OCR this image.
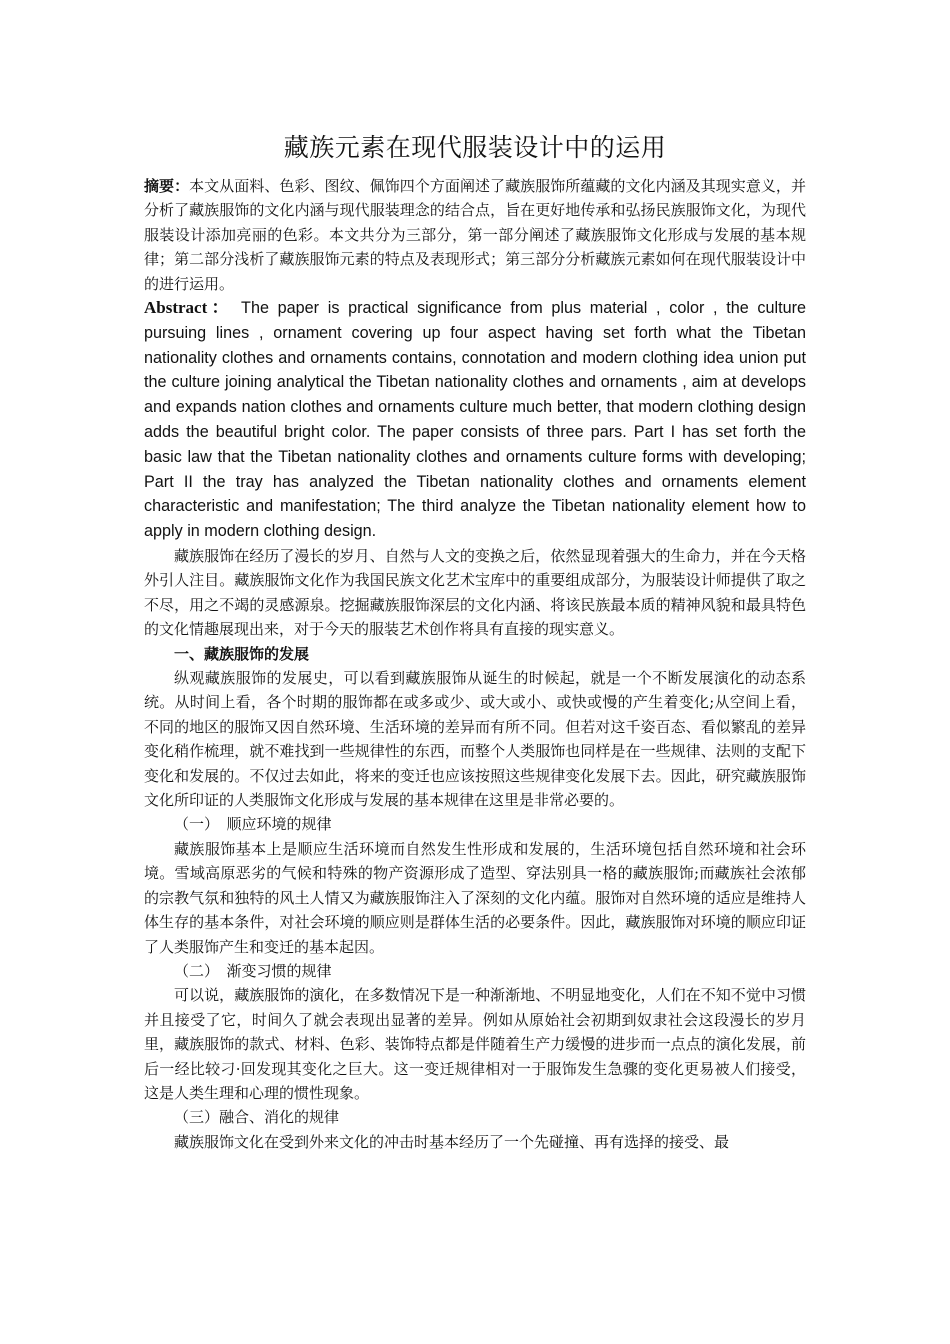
藏族元素在现代服装设计中的运用

摘要：本文从面料、色彩、图纹、佩饰四个方面阐述了藏族服饰所蕴藏的文化内涵及其现实意义，并分析了藏族服饰的文化内涵与现代服装理念的结合点，旨在更好地传承和弘扬民族服饰文化，为现代服装设计添加亮丽的色彩。本文共分为三部分，第一部分阐述了藏族服饰文化形成与发展的基本规律；第二部分浅析了藏族服饰元素的特点及表现形式；第三部分分析藏族元素如何在现代服装设计中的进行运用。

Abstract： The paper is practical significance from plus material , color , the culture pursuing lines , ornament covering up four aspect having set forth what the Tibetan nationality clothes and ornaments contains, connotation and modern clothing idea union put the culture joining analytical the Tibetan nationality clothes and ornaments , aim at develops and expands nation clothes and ornaments culture much better, that modern clothing design adds the beautiful bright color. The paper consists of three pars. Part I has set forth the basic law that the Tibetan nationality clothes and ornaments culture forms with developing; Part II the tray has analyzed the Tibetan nationality clothes and ornaments element characteristic and manifestation; The third analyze the Tibetan nationality element how to apply in modern clothing design.

藏族服饰在经历了漫长的岁月、自然与人文的变换之后，依然显现着强大的生命力，并在今天格外引人注目。藏族服饰文化作为我国民族文化艺术宝库中的重要组成部分，为服装设计师提供了取之不尽，用之不竭的灵感源泉。挖掘藏族服饰深层的文化内涵、将该民族最本质的精神风貌和最具特色的文化情趣展现出来，对于今天的服装艺术创作将具有直接的现实意义。

一、藏族服饰的发展

纵观藏族服饰的发展史，可以看到藏族服饰从诞生的时候起，就是一个不断发展演化的动态系统。从时间上看，各个时期的服饰都在或多或少、或大或小、或快或慢的产生着变化;从空间上看，不同的地区的服饰又因自然环境、生活环境的差异而有所不同。但若对这千姿百态、看似繁乱的差异变化稍作梳理，就不难找到一些规律性的东西，而整个人类服饰也同样是在一些规律、法则的支配下变化和发展的。不仅过去如此，将来的变迁也应该按照这些规律变化发展下去。因此，研究藏族服饰文化所印证的人类服饰文化形成与发展的基本规律在这里是非常必要的。

（一）　顺应环境的规律

藏族服饰基本上是顺应生活环境而自然发生性形成和发展的，生活环境包括自然环境和社会环境。雪域高原恶劣的气候和特殊的物产资源形成了造型、穿法别具一格的藏族服饰;而藏族社会浓郁的宗教气氛和独特的风土人情又为藏族服饰注入了深刻的文化内蕴。服饰对自然环境的适应是维持人体生存的基本条件，对社会环境的顺应则是群体生活的必要条件。因此，藏族服饰对环境的顺应印证了人类服饰产生和变迁的基本起因。

（二）　渐变习惯的规律

可以说，藏族服饰的演化，在多数情况下是一种渐渐地、不明显地变化，人们在不知不觉中习惯并且接受了它，时间久了就会表现出显著的差异。例如从原始社会初期到奴隶社会这段漫长的岁月里，藏族服饰的款式、材料、色彩、装饰特点都是伴随着生产力缓慢的进步而一点点的演化发展，前后一经比较刁·回发现其变化之巨大。这一变迁规律相对一于服饰发生急骤的变化更易被人们接受，这是人类生理和心理的惯性现象。

（三）融合、消化的规律

藏族服饰文化在受到外来文化的冲击时基本经历了一个先碰撞、再有选择的接受、最
